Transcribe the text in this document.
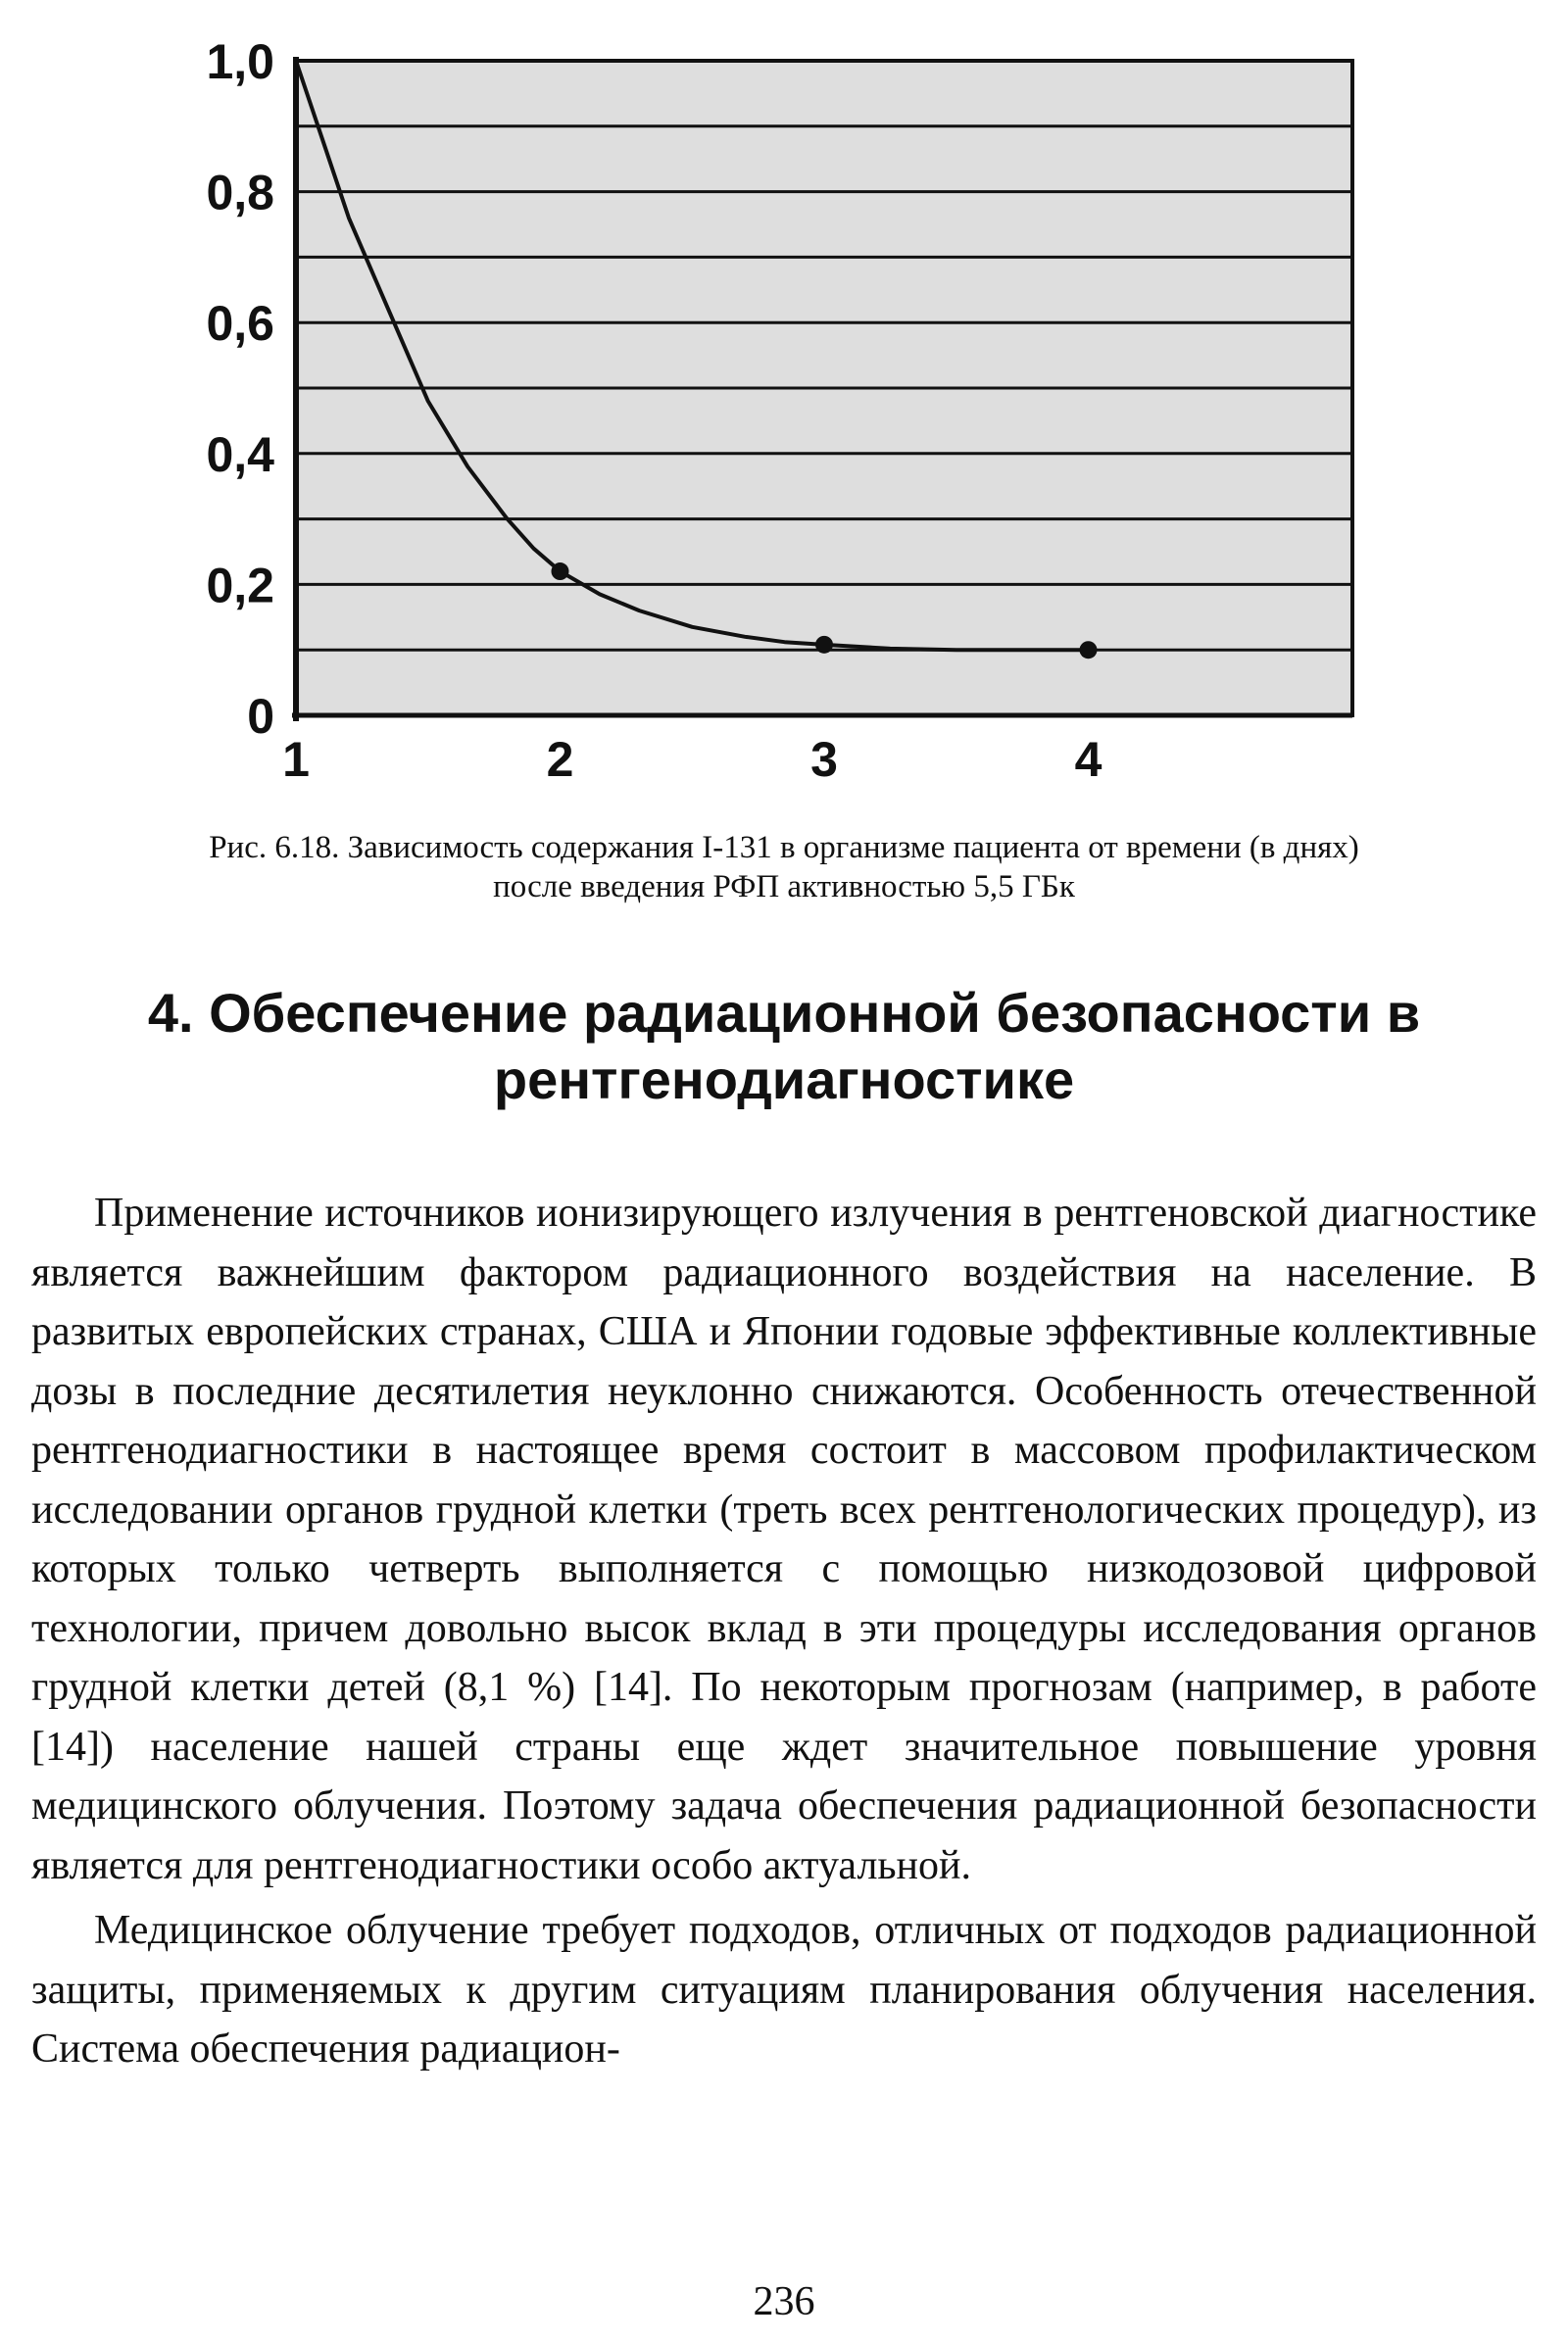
1,0
0,8
0,6
0,4
0,2
0
1	2	3	4
Рис. 6.18. Зависимость содержания I-131 в организме пациента от времени (в днях)
после введения РФП активностью 5,5 ГБк
4. Обеспечение радиационной безопасности в
рентгенодиагностике

Применение источников ионизирующего излучения в рентгеновской диагностике является важнейшим фактором радиационного воздействия на население. В развитых европейских странах, США и Японии годовые эффективные коллективные дозы в последние десятилетия неуклонно снижаются. Особенность отечественной рентгенодиагностики в настоящее время состоит в массовом профилактическом исследовании органов грудной клетки (треть всех рентгенологических процедур), из которых только четверть выполняется с помощью низкодозовой цифровой технологии, причем довольно высок вклад в эти процедуры исследования органов грудной клетки детей (8,1 %) [14]. По некоторым прогнозам (например, в работе [14]) население нашей страны еще ждет значительное повышение уровня медицинского облучения. Поэтому задача обеспечения радиационной безопасности является для рентгенодиагностики особо актуальной.

Медицинское облучение требует подходов, отличных от подходов радиационной защиты, применяемых к другим ситуациям планирования облучения населения. Система обеспечения радиацион-

236
